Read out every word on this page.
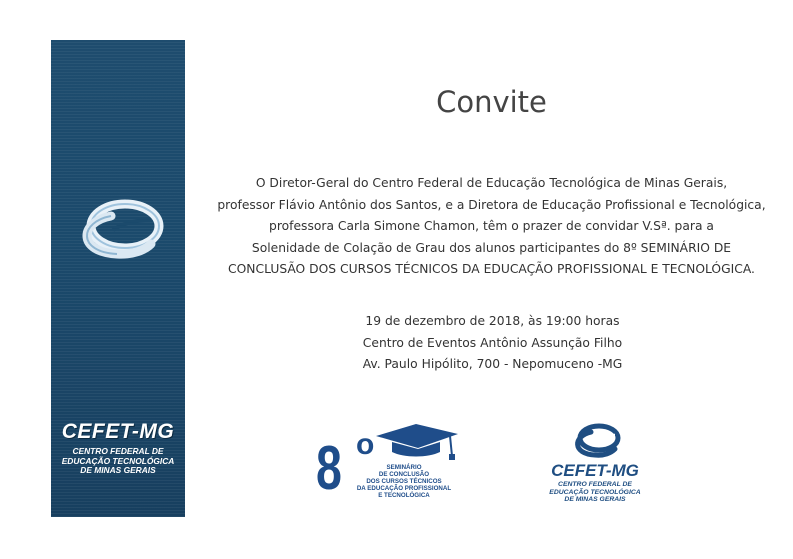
CEFET-MG
CENTRO FEDERAL DE
EDUCAÇÃO TECNOLÓGICA
DE MINAS GERAIS
Convite
O Diretor-Geral do Centro Federal de Educação Tecnológica de Minas Gerais,
professor Flávio Antônio dos Santos, e a Diretora de Educação Profissional e Tecnológica,
professora Carla Simone Chamon, têm o prazer de convidar V.Sª. para a
Solenidade de Colação de Grau dos alunos participantes do 8º SEMINÁRIO DE
CONCLUSÃO DOS CURSOS TÉCNICOS DA EDUCAÇÃO PROFISSIONAL E TECNOLÓGICA.
19 de dezembro de 2018, às 19:00 horas
Centro de Eventos Antônio Assunção Filho
Av. Paulo Hipólito, 700 - Nepomuceno -MG
8 o
SEMINÁRIO
DE CONCLUSÃO
DOS CURSOS TÉCNICOS
DA EDUCAÇÃO PROFISSIONAL
E TECNOLÓGICA
CEFET-MG
CENTRO FEDERAL DE
EDUCAÇÃO TECNOLÓGICA
DE MINAS GERAIS
